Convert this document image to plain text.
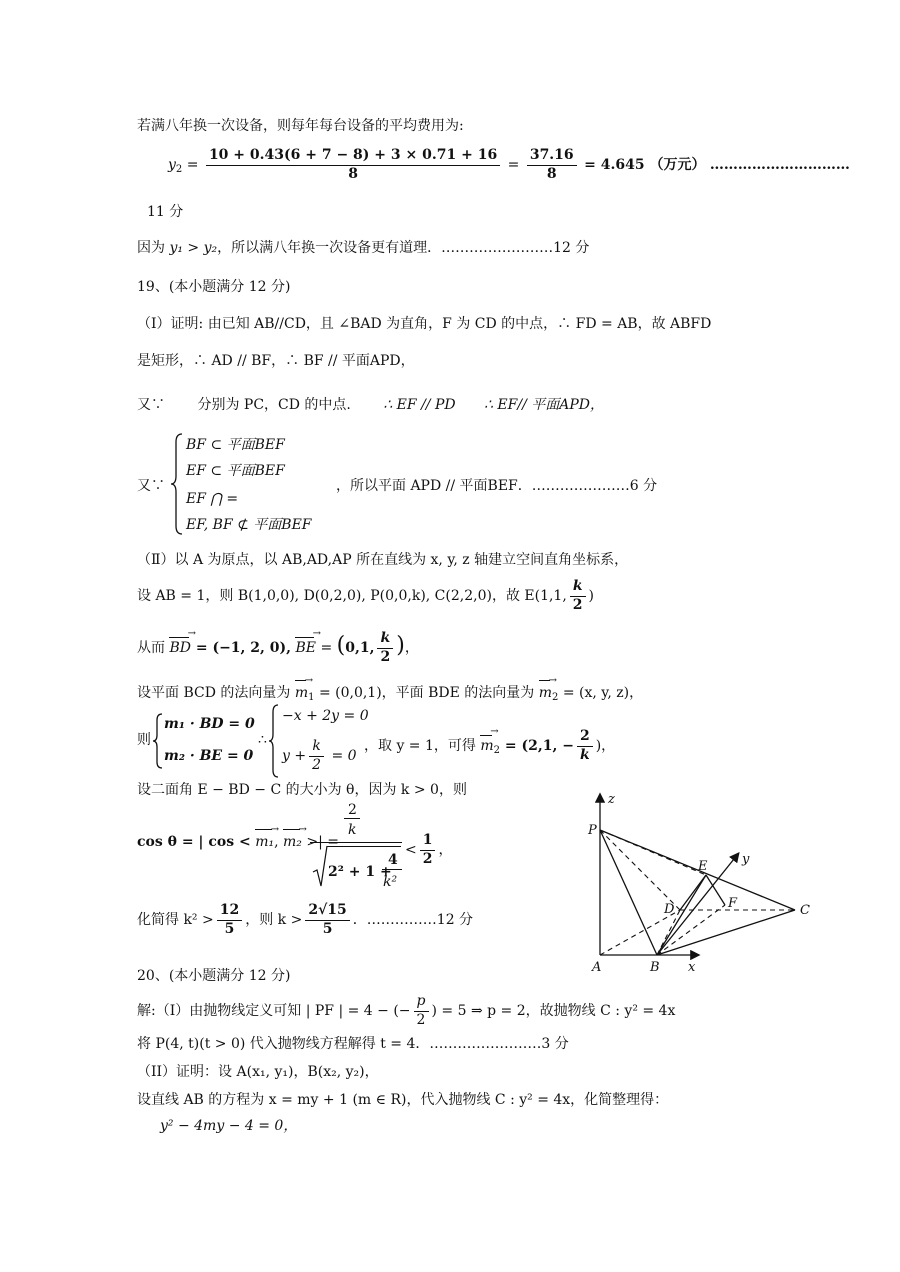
若满八年换一次设备，则每年每台设备的平均费用为:
$y_2 = \frac{10 + 0.43(6 + 7 - 8) + 3 \times 0.71 + 16}{8} = \frac{37.16}{8} = 4.645$ （万元） …………………………
11 分
因为 y₁ > y₂，所以满八年换一次设备更有道理．……………………12 分
19、(本小题满分 12 分)
（Ⅰ）证明: 由已知 AB//CD，且 ∠BAD 为直角，F 为 CD 的中点，∴ FD = AB，故 ABFD
是矩形，∴ AD // BF，∴ BF // 平面APD，
又∵ 分别为 PC，CD 的中点. ∴ EF // PD ∴ EF// 平面APD，
又∵
BF ⊂ 平面BEF
EF ⊂ 平面BEF
EF ⋂ =
EF, BF ⊄ 平面BEF
，所以平面 APD // 平面BEF．…………………6 分
（Ⅱ）以 A 为原点，以 AB,AD,AP 所在直线为 x, y, z 轴建立空间直角坐标系，
设 AB = 1，则 B(1,0,0), D(0,2,0), P(0,0,k), C(2,2,0)，故 E(1,1, $\frac{k}{2}$ )
从而 BD → = (−1, 2, 0), BE → = (0,1, $\frac{k}{2}$ )，
设平面 BCD 的法向量为 $m \to_1 = (0,0,1)$，平面 BDE 的法向量为 $m \to_2 = (x$, y, z)，
则
m₁ · BD = 0
m₂ · BE = 0
∴
−x + 2y = 0
$y + \frac{k}{2} = 0$
，取 y = 1，可得 $m \to_2 = (2,1$, − $\frac{2}{k}$ )，
设二面角 E − BD − C 的大小为 θ，因为 k > 0，则
cos θ = | cos < m₁ →, m₂ → >| =
2
k
2² + 1 +
4
k²
< $\frac{1}{2}$ ，
化简得 $k^2 > \frac{12}{5}$ ，则 $k > \frac{2√15}{5}$ ．……………12 分
z
P
E	y
D	F	C
A	B x
20、(本小题满分 12 分)
解:（I）由抛物线定义可知 | PF | = 4 − (− $\frac{p}{2}$ ) = 5 ⇒ p = 2，故抛物线 C : y² = 4x
将 P(4, t)(t > 0) 代入抛物线方程解得 t = 4．……………………3 分
（II）证明：设 A(x₁, y₁)，B(x₂, y₂)，
设直线 AB 的方程为 x = my + 1 (m ∈ R)，代入抛物线 C : y² = 4x，化简整理得：
y² − 4my − 4 = 0，
